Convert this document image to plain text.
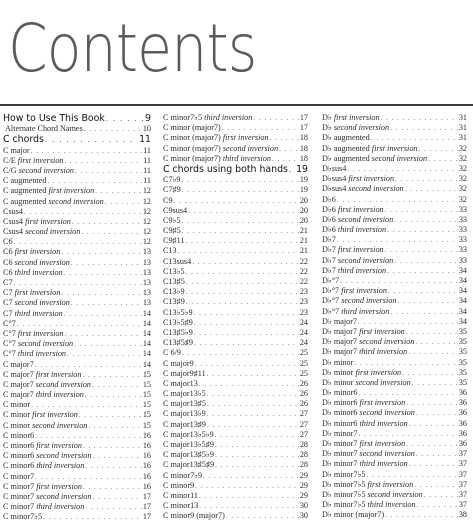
Contents
How to Use This Book . . .	9
Alternate Chord Names . . .	10
C chords . . .	11
C major . . .	11
C/E first inversion . . .	11
C/G second inversion . . .	11
C augmented . . .	11
C augmented first inversion . . .	12
C augmented second inversion . . .	12
Csus4 . . .	12
Csus4 first inversion . . .	12
Csus4 second inversion . . .	12
C6 . . .	12
C6 first inversion . . .	13
C6 second inversion . . .	13
C6 third inversion . . .	13
C7 . . .	13
C7 first inversion . . .	13
C7 second inversion . . .	13
C7 third inversion . . .	14
C°7 . . .	14
C°7 first inversion . . .	14
C°7 second inversion . . .	14
C°7 third inversion . . .	14
C major7 . . .	14
C major7 first inversion . . .	15
C major7 second inversion . . .	15
C major7 third inversion . . .	15
C minor . . .	15
C minor first inversion . . .	15
C minor second inversion . . .	15
C minor6 . . .	16
C minor6 first inversion . . .	16
C minor6 second inversion . . .	16
C minor6 third inversion . . .	16
C minor7 . . .	16
C minor7 first inversion . . .	16
C minor7 second inversion . . .	17
C minor7 third inversion . . .	17
C minor7♭5 . . .	17
C minor7♭5 third inversion . . .	17
C minor (major7) . . .	17
C minor (major7) first inversion . . .	18
C minor (major7) second inversion . . .	18
C minor (major7) third inversion . . .	18
C chords using both hands . . . 19
C7♭9 . . .	19
C7♯9 . . .	19
C9 . . .	20
C9sus4 . . .	20
C9♭5 . . .	20
C9♯5 . . .	21
C9♯11 . . .	21
C13 . . .	21
C13sus4 . . .	22
C13♭5 . . .	22
C13♯5 . . .	22
C13♭9 . . .	23
C13♯9 . . .	23
C13♭5♭9 . . .	23
C13♭5♯9 . . .	24
C13♯5♭9 . . .	24
C13♯5♯9 . . .	24
C 6/9 . . .	25
C major9 . . .	25
C major9♯11 . . .	25
C major13 . . .	26
C major13♭5 . . .	26
C major13♯5 . . .	26
C major13♭9 . . .	27
C major13♯9 . . .	27
C major13♭5♭9 . . .	27
C major13♭5♯9 . . .	28
C major13♯5♭9 . . .	28
C major13♯5♯9 . . .	28
C minor7♭9 . . .	29
C minor9 . . .	29
C minor11 . . .	29
C minor13 . . .	30
C minor9 (major7) . . .	30
D♭ first inversion . . .	31
D♭ second inversion . . .	31
D♭ augmented . . .	31
D♭ augmented first inversion . . .	32
D♭ augmented second inversion . . .	32
D♭sus4 . . .	32
D♭sus4 first inversion . . .	32
D♭sus4 second inversion . . .	32
D♭6 . . .	32
D♭6 first inversion . . .	33
D♭6 second inversion . . .	33
D♭6 third inversion . . .	33
D♭7 . . .	33
D♭7 first inversion . . .	33
D♭7 second inversion . . .	33
D♭7 third inversion . . .	34
D♭°7 . . .	34
D♭°7 first inversion . . .	34
D♭°7 second inversion . . .	34
D♭°7 third inversion . . .	34
D♭ major7 . . .	34
D♭ major7 first inversion . . .	35
D♭ major7 second inversion . . .	35
D♭ major7 third inversion . . .	35
D♭ minor . . .	35
D♭ minor first inversion . . .	35
D♭ minor second inversion . . .	35
D♭ minor6 . . .	36
D♭ minor6 first inversion . . .	36
D♭ minor6 second inversion . . .	36
D♭ minor6 third inversion . . .	36
D♭ minor7 . . .	36
D♭ minor7 first inversion . . .	36
D♭ minor7 second inversion . . .	37
D♭ minor7 third inversion . . .	37
D♭ minor7♭5 . . .	37
D♭ minor7♭5 first inversion . . .	37
D♭ minor7♭5 second inversion . . .	37
D♭ minor7♭5 third inversion . . .	37
D♭ minor (major7) . . .	38
